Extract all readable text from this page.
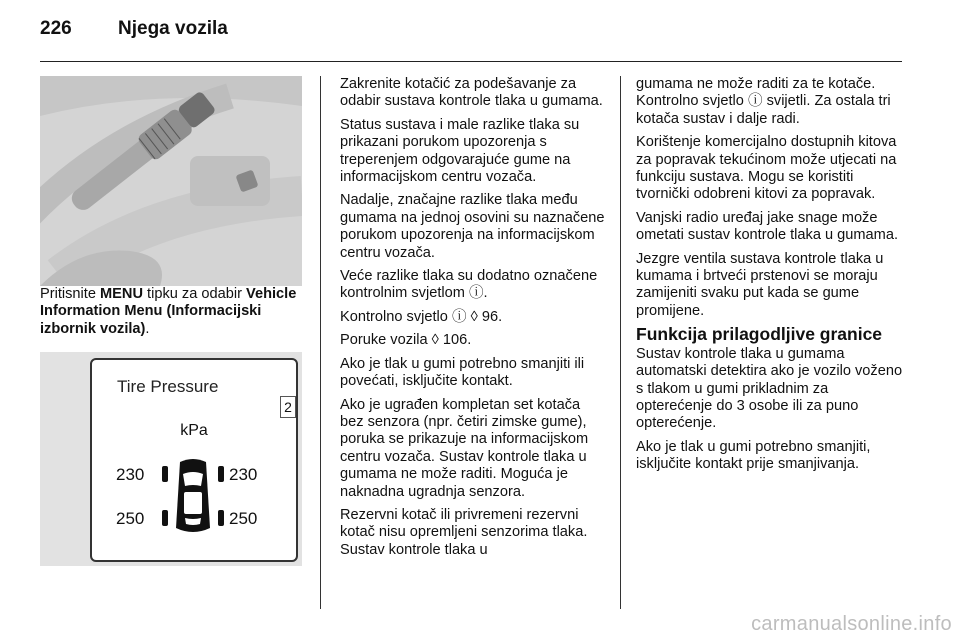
226	Njega vozila

Pritisnite MENU tipku za odabir Vehicle Information Menu (Informacijski izbornik vozila).

Tire Pressure
2
kPa
230	230
250	250

Zakrenite kotačić za podešavanje za odabir sustava kontrole tlaka u gumama.

Status sustava i male razlike tlaka su prikazani porukom upozorenja s treperenjem odgovarajuće gume na informacijskom centru vozača.

Nadalje, značajne razlike tlaka među gumama na jednoj osovini su naznačene porukom upozorenja na informacijskom centru vozača.

Veće razlike tlaka su dodatno označene kontrolnim svjetlom ⓘ.

Kontrolno svjetlo ⓘ ◊ 96.

Poruke vozila ◊ 106.

Ako je tlak u gumi potrebno smanjiti ili povećati, isključite kontakt.

Ako je ugrađen kompletan set kotača bez senzora (npr. četiri zimske gume), poruka se prikazuje na informacijskom centru vozača. Sustav kontrole tlaka u gumama ne može raditi. Moguća je naknadna ugradnja senzora.

Rezervni kotač ili privremeni rezervni kotač nisu opremljeni senzorima tlaka. Sustav kontrole tlaka u

gumama ne može raditi za te kotače. Kontrolno svjetlo ⓘ svijetli. Za ostala tri kotača sustav i dalje radi.

Korištenje komercijalno dostupnih kitova za popravak tekućinom može utjecati na funkciju sustava. Mogu se koristiti tvornički odobreni kitovi za popravak.

Vanjski radio uređaj jake snage može ometati sustav kontrole tlaka u gumama.

Jezgre ventila sustava kontrole tlaka u kumama i brtveći prstenovi se moraju zamijeniti svaku put kada se gume promijene.

Funkcija prilagodljive granice

Sustav kontrole tlaka u gumama automatski detektira ako je vozilo voženo s tlakom u gumi prikladnim za opterećenje do 3 osobe ili za puno opterećenje.

Ako je tlak u gumi potrebno smanjiti, isključite kontakt prije smanjivanja.

carmanualsonline.info
